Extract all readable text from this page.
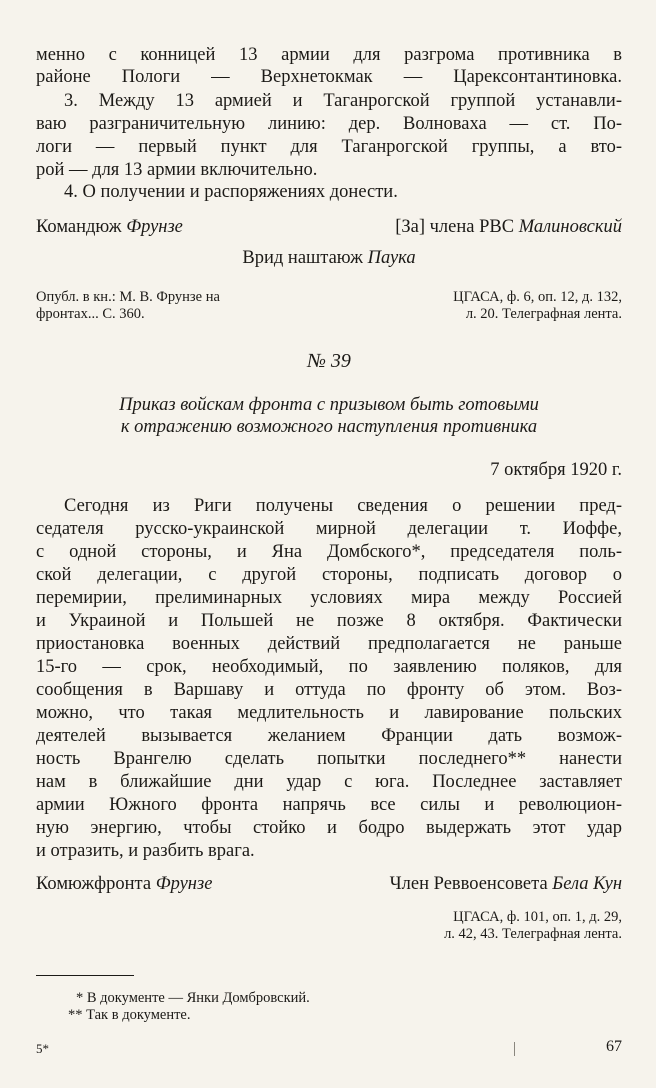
менно с конницей 13 армии для разгрома противника в
районе Пологи — Верхнетокмак — Царексонтантиновка.
3. Между 13 армией и Таганрогской группой устанавли-
ваю разграничительную линию: дер. Волноваха — ст. По-
логи — первый пункт для Таганрогской группы, а вто-
рой — для 13 армии включительно.
4. О получении и распоряжениях донести.
Командюж Фрунзе	[За] члена РВС Малиновский
Врид наштаюж Паука
Опубл. в кн.: М. В. Фрунзе на
фронтах... С. 360.
ЦГАСА, ф. 6, оп. 12, д. 132,
л. 20. Телеграфная лента.
№ 39
Приказ войскам фронта с призывом быть готовыми
к отражению возможного наступления противника
7 октября 1920 г.
Сегодня из Риги получены сведения о решении пред-
седателя русско-украинской мирной делегации т. Иоффе,
с одной стороны, и Яна Домбского*, председателя поль-
ской делегации, с другой стороны, подписать договор о
перемирии, прелиминарных условиях мира между Россией
и Украиной и Польшей не позже 8 октября. Фактически
приостановка военных действий предполагается не раньше
15-го — срок, необходимый, по заявлению поляков, для
сообщения в Варшаву и оттуда по фронту об этом. Воз-
можно, что такая медлительность и лавирование польских
деятелей вызывается желанием Франции дать возмож-
ность Врангелю сделать попытки последнего** нанести
нам в ближайшие дни удар с юга. Последнее заставляет
армии Южного фронта напрячь все силы и революцион-
ную энергию, чтобы стойко и бодро выдержать этот удар
и отразить, и разбить врага.
Комюжфронта Фрунзе	Член Реввоенсовета Бела Кун
ЦГАСА, ф. 101, оп. 1, д. 29,
л. 42, 43. Телеграфная лента.
* В документе — Янки Домбровский.
** Так в документе.
5*	67
